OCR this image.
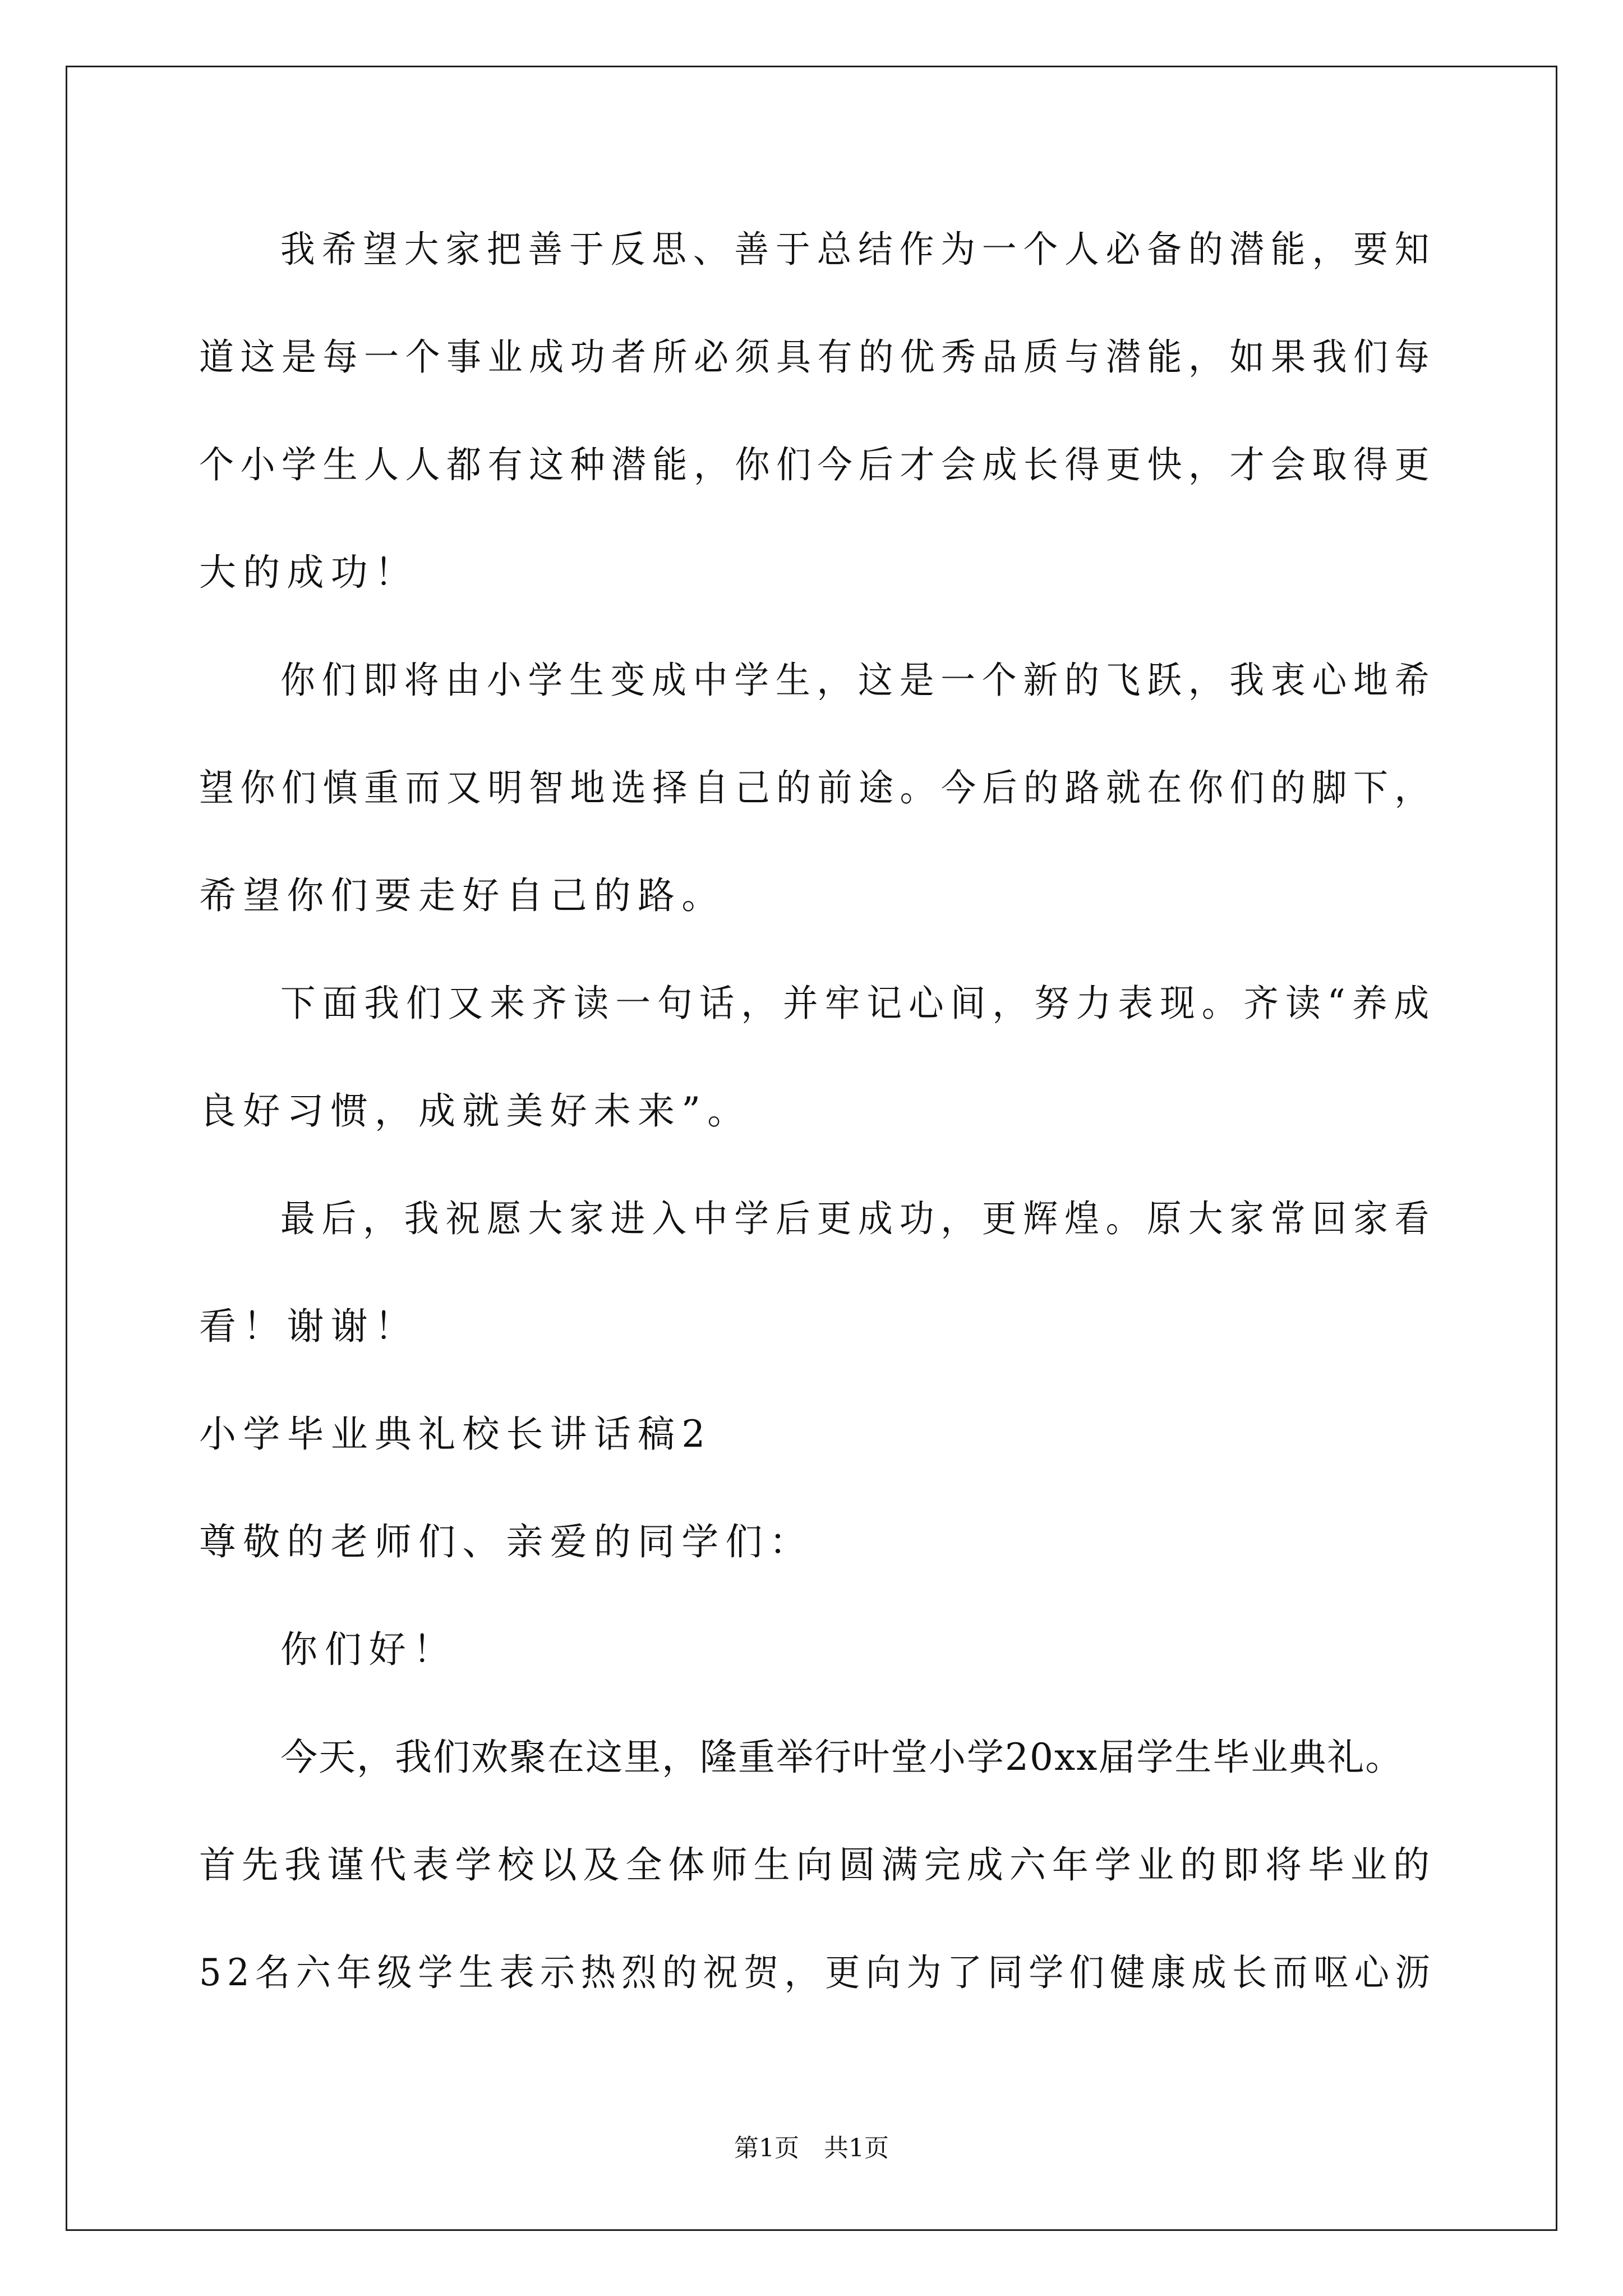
我希望大家把善于反思、善于总结作为一个人必备的潜能，要知
道这是每一个事业成功者所必须具有的优秀品质与潜能，如果我们每
个小学生人人都有这种潜能，你们今后才会成长得更快，才会取得更
大的成功！
你们即将由小学生变成中学生，这是一个新的飞跃，我衷心地希
望你们慎重而又明智地选择自己的前途。今后的路就在你们的脚下，
希望你们要走好自己的路。
下面我们又来齐读一句话，并牢记心间，努力表现。齐读“养成
良好习惯，成就美好未来”。
最后，我祝愿大家进入中学后更成功，更辉煌。原大家常回家看
看！谢谢！
小学毕业典礼校长讲话稿2
尊敬的老师们、亲爱的同学们：
你们好！
今天，我们欢聚在这里，隆重举行叶堂小学20xx届学生毕业典礼。
首先我谨代表学校以及全体师生向圆满完成六年学业的即将毕业的
52名六年级学生表示热烈的祝贺，更向为了同学们健康成长而呕心沥
第1页　共1页
